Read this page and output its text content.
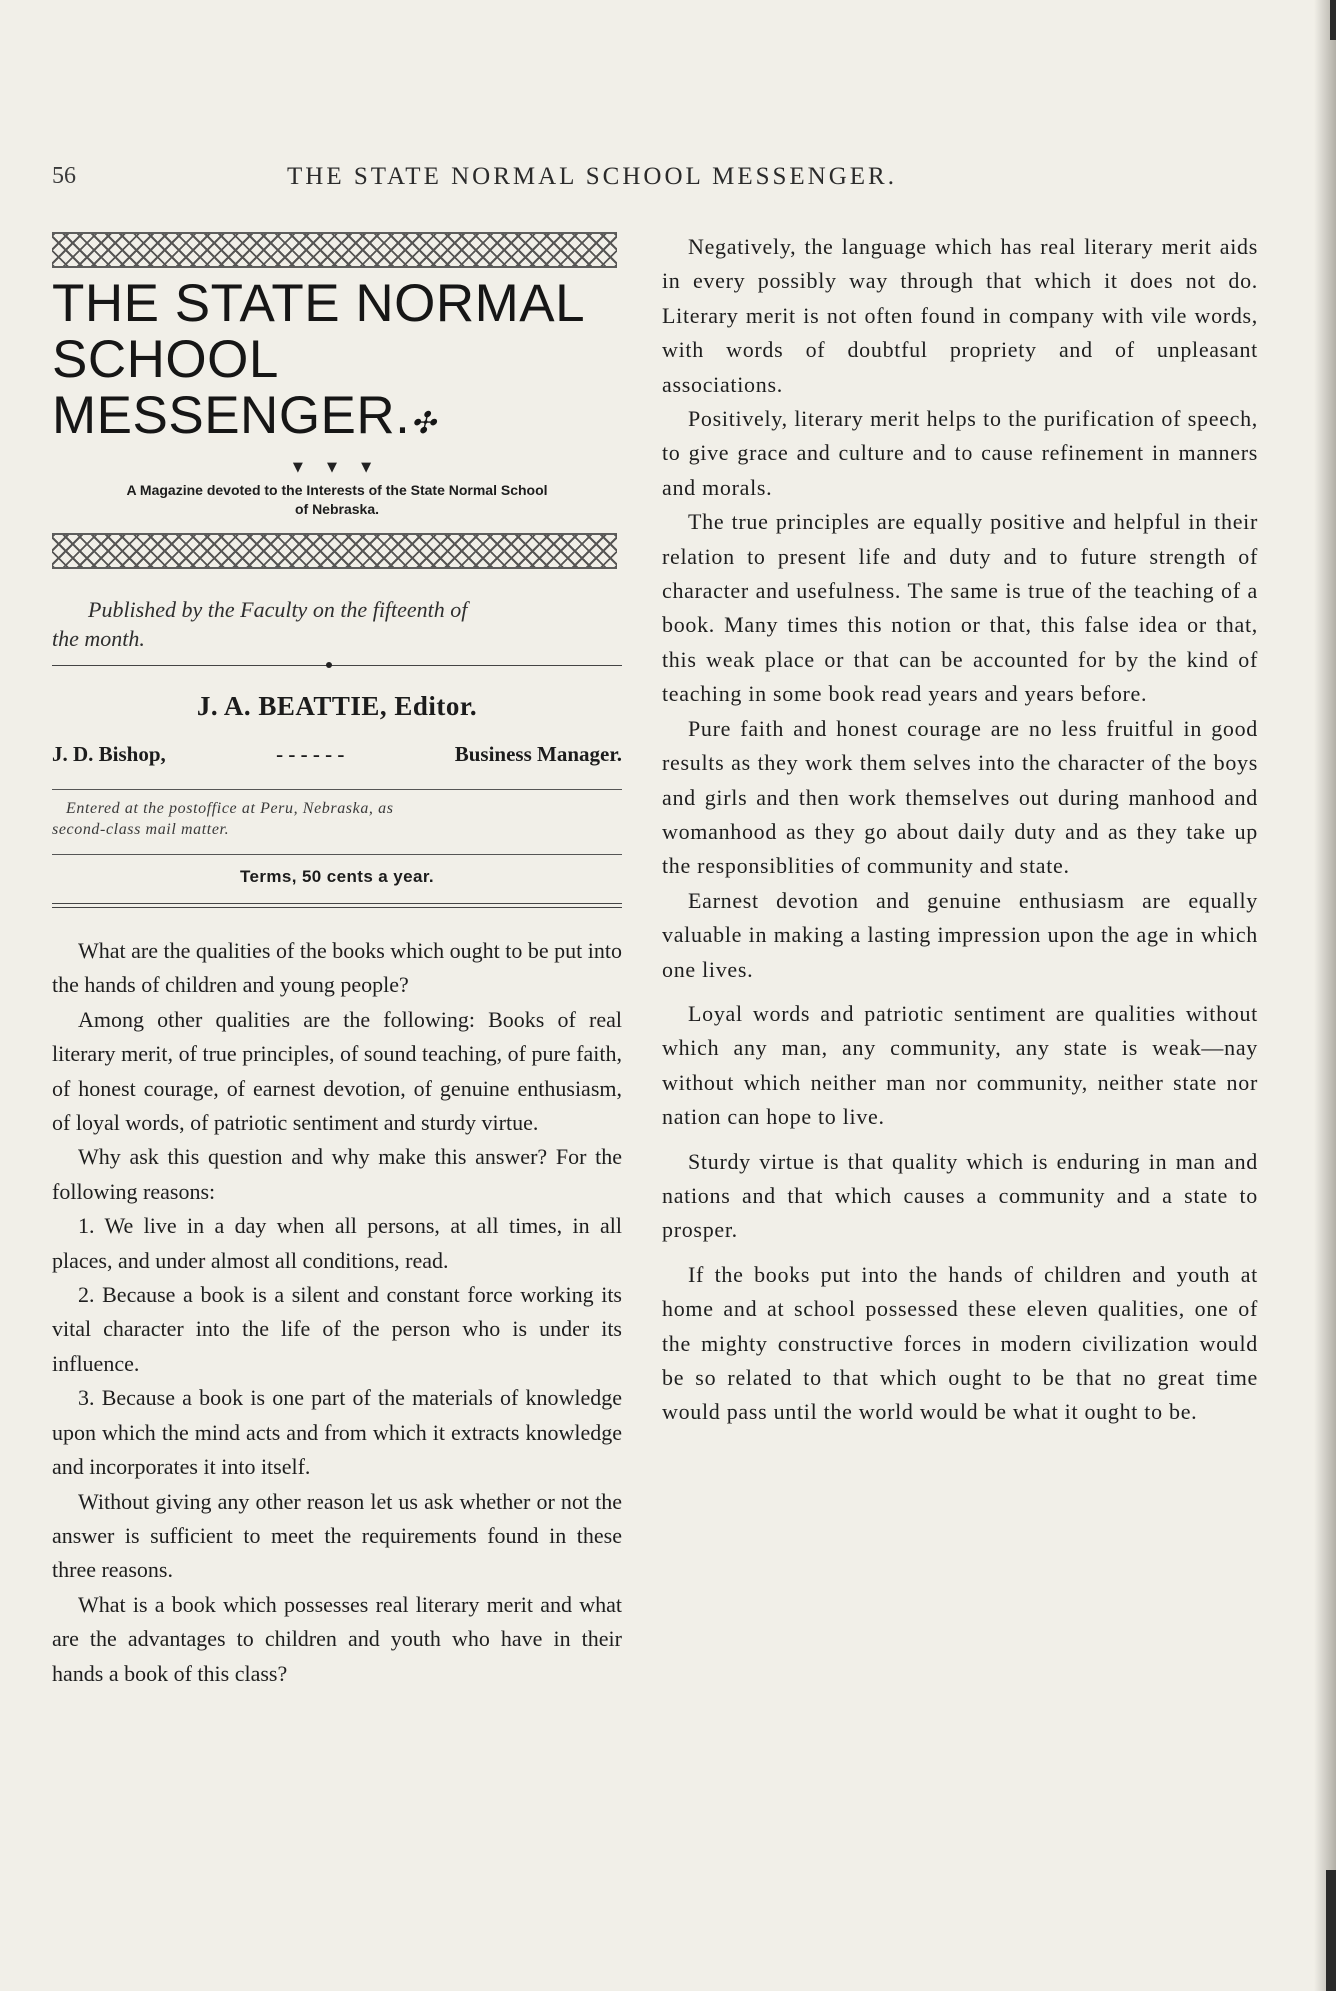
56	THE STATE NORMAL SCHOOL MESSENGER.
THE STATE NORMAL
SCHOOL MESSENGER.✣
▼ ▼ ▼
A Magazine devoted to the Interests of the State Normal School
of Nebraska.
Published by the Faculty on the fifteenth of
the month.
J. A. BEATTIE, Editor.
J. D. Bishop,	- - - - - -	Business Manager.
Entered at the postoffice at Peru, Nebraska, as
second-class mail matter.
Terms, 50 cents a year.

What are the qualities of the books which ought to be put into the hands of children and young people?

Among other qualities are the following: Books of real literary merit, of true principles, of sound teaching, of pure faith, of honest courage, of earnest devotion, of genuine enthusiasm, of loyal words, of patriotic sentiment and sturdy virtue.

Why ask this question and why make this answer? For the following reasons:

1. We live in a day when all persons, at all times, in all places, and under almost all conditions, read.

2. Because a book is a silent and constant force working its vital character into the life of the person who is under its influence.

3. Because a book is one part of the materials of knowledge upon which the mind acts and from which it extracts knowledge and incorporates it into itself.

Without giving any other reason let us ask whether or not the answer is sufficient to meet the requirements found in these three reasons.

What is a book which possesses real literary merit and what are the advantages to children and youth who have in their hands a book of this class?

Negatively, the language which has real literary merit aids in every possibly way through that which it does not do. Literary merit is not often found in company with vile words, with words of doubtful propriety and of unpleasant associations.

Positively, literary merit helps to the purification of speech, to give grace and culture and to cause refinement in manners and morals.

The true principles are equally positive and helpful in their relation to present life and duty and to future strength of character and usefulness. The same is true of the teaching of a book. Many times this notion or that, this false idea or that, this weak place or that can be accounted for by the kind of teaching in some book read years and years before.

Pure faith and honest courage are no less fruitful in good results as they work them selves into the character of the boys and girls and then work themselves out during manhood and womanhood as they go about daily duty and as they take up the responsiblities of community and state.

Earnest devotion and genuine enthusiasm are equally valuable in making a lasting impression upon the age in which one lives.

Loyal words and patriotic sentiment are qualities without which any man, any community, any state is weak—nay without which neither man nor community, neither state nor nation can hope to live.

Sturdy virtue is that quality which is enduring in man and nations and that which causes a community and a state to prosper.

If the books put into the hands of children and youth at home and at school possessed these eleven qualities, one of the mighty constructive forces in modern civilization would be so related to that which ought to be that no great time would pass until the world would be what it ought to be.
